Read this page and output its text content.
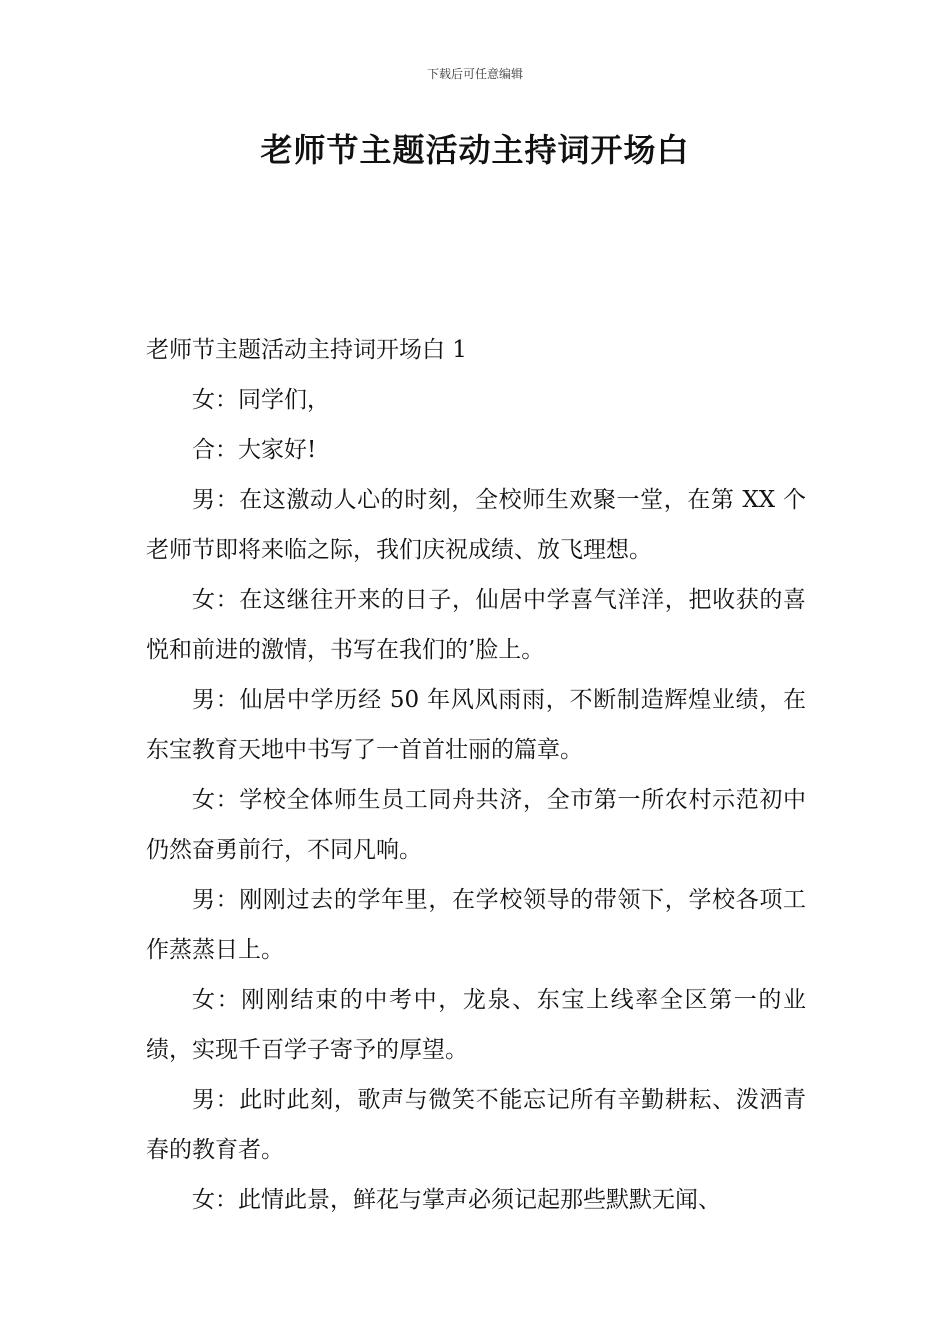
下载后可任意编辑
老师节主题活动主持词开场白

老师节主题活动主持词开场白 1

女：同学们，

合：大家好!

男：在这激动人心的时刻，全校师生欢聚一堂，在第 XX 个老师节即将来临之际，我们庆祝成绩、放飞理想。

女：在这继往开来的日子，仙居中学喜气洋洋，把收获的喜悦和前进的激情，书写在我们的’脸上。

男：仙居中学历经 50 年风风雨雨，不断制造辉煌业绩，在东宝教育天地中书写了一首首壮丽的篇章。

女：学校全体师生员工同舟共济，全市第一所农村示范初中仍然奋勇前行，不同凡响。

男：刚刚过去的学年里，在学校领导的带领下，学校各项工作蒸蒸日上。

女：刚刚结束的中考中，龙泉、东宝上线率全区第一的业绩，实现千百学子寄予的厚望。

男：此时此刻，歌声与微笑不能忘记所有辛勤耕耘、泼洒青春的教育者。

女：此情此景，鲜花与掌声必须记起那些默默无闻、
